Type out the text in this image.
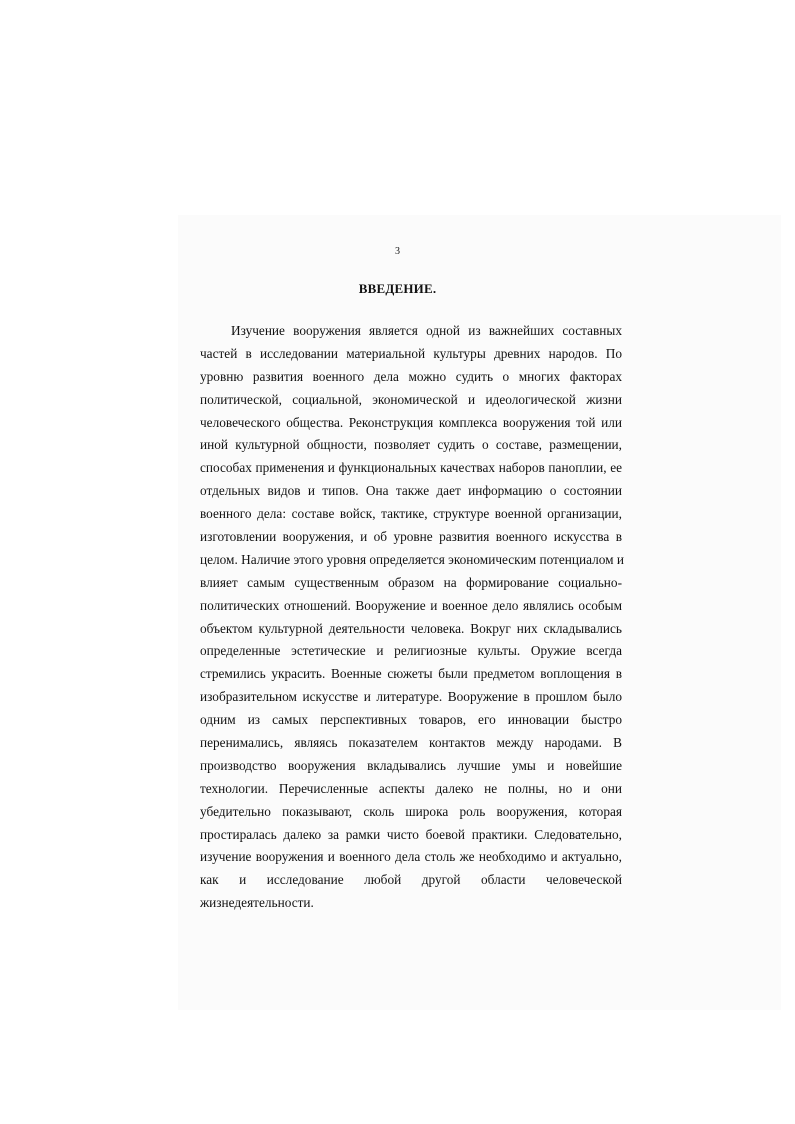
3
ВВЕДЕНИЕ.
Изучение вооружения является одной из важнейших составных
частей в исследовании материальной культуры древних народов. По
уровню развития военного дела можно судить о многих факторах
политической, социальной, экономической и идеологической жизни
человеческого общества. Реконструкция комплекса вооружения той или
иной культурной общности, позволяет судить о составе, размещении,
способах применения и функциональных качествах наборов паноплии, ее
отдельных видов и типов. Она также дает информацию о состоянии
военного дела: составе войск, тактике, структуре военной организации,
изготовлении вооружения, и об уровне развития военного искусства в
целом. Наличие этого уровня определяется экономическим потенциалом и
влияет самым существенным образом на формирование социально-
политических отношений. Вооружение и военное дело являлись особым
объектом культурной деятельности человека. Вокруг них складывались
определенные эстетические и религиозные культы. Оружие всегда
стремились украсить. Военные сюжеты были предметом воплощения в
изобразительном искусстве и литературе. Вооружение в прошлом было
одним из самых перспективных товаров, его инновации быстро
перенимались, являясь показателем контактов между народами. В
производство вооружения вкладывались лучшие умы и новейшие
технологии. Перечисленные аспекты далеко не полны, но и они
убедительно показывают, сколь широка роль вооружения, которая
простиралась далеко за рамки чисто боевой практики. Следовательно,
изучение вооружения и военного дела столь же необходимо и актуально,
как и исследование любой другой области человеческой
жизнедеятельности.
